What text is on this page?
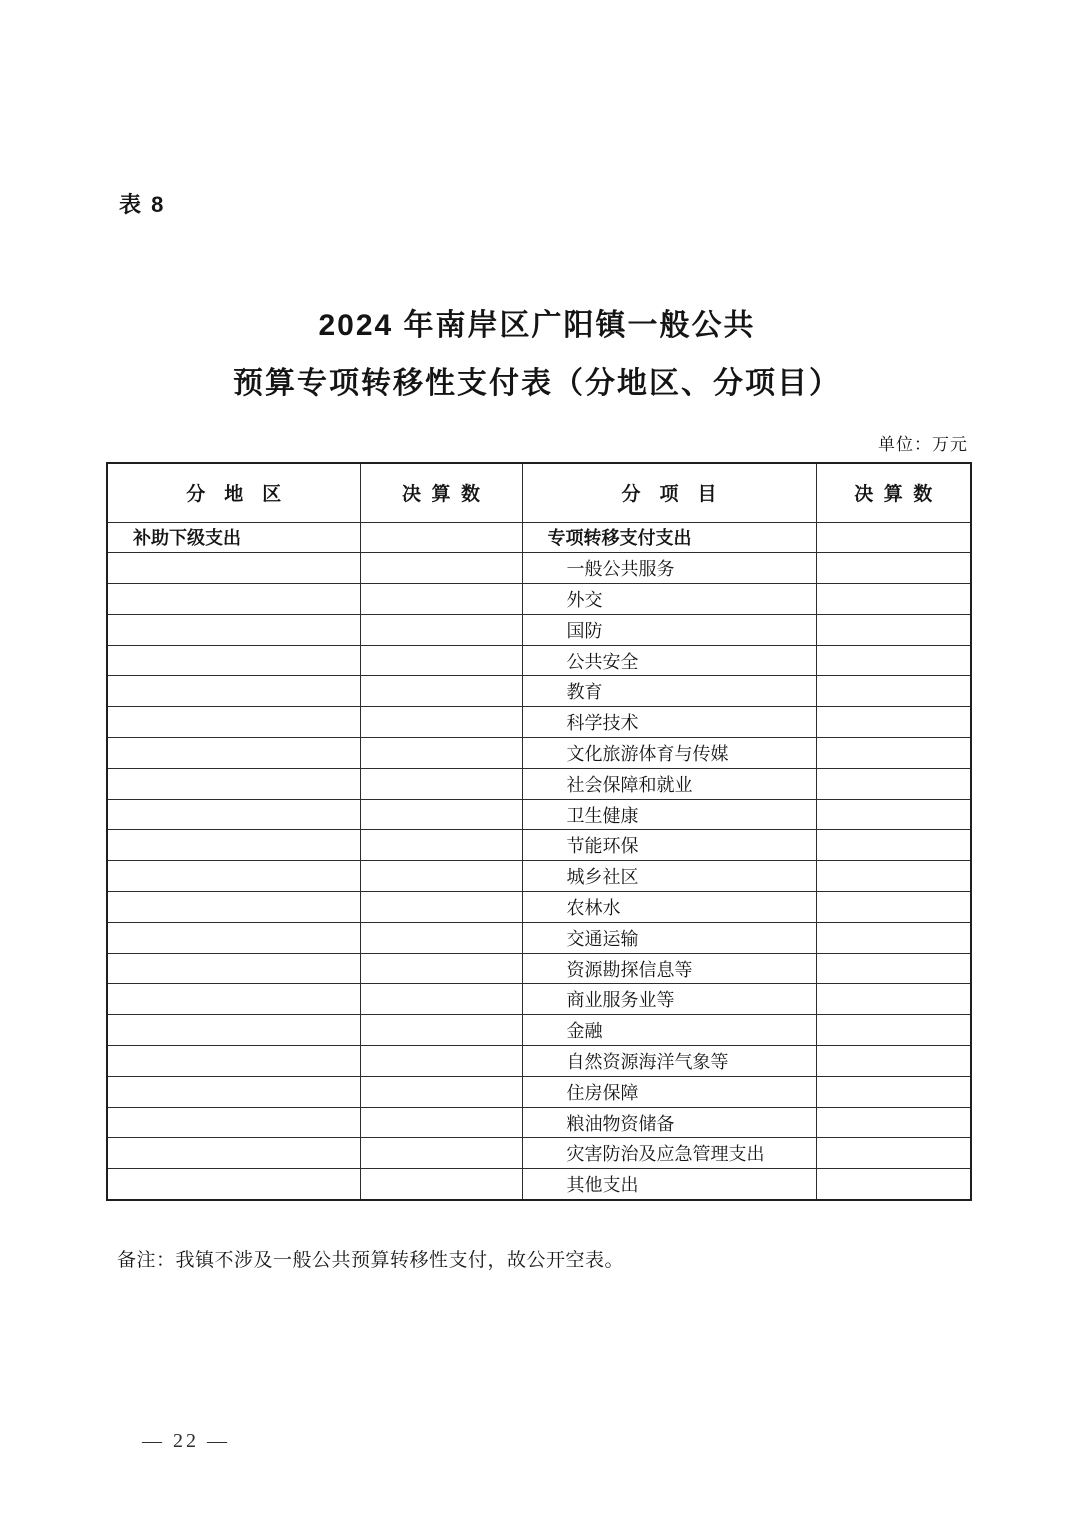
表 8
2024 年南岸区广阳镇一般公共
预算专项转移性支付表（分地区、分项目）
单位：万元
分　地　区	决  算  数	分　项　目	决  算  数
补助下级支出		专项转移支付支出	
		一般公共服务	
		外交	
		国防	
		公共安全	
		教育	
		科学技术	
		文化旅游体育与传媒	
		社会保障和就业	
		卫生健康	
		节能环保	
		城乡社区	
		农林水	
		交通运输	
		资源勘探信息等	
		商业服务业等	
		金融	
		自然资源海洋气象等	
		住房保障	
		粮油物资储备	
		灾害防治及应急管理支出	
		其他支出	
备注：我镇不涉及一般公共预算转移性支付，故公开空表。
— 22 —
